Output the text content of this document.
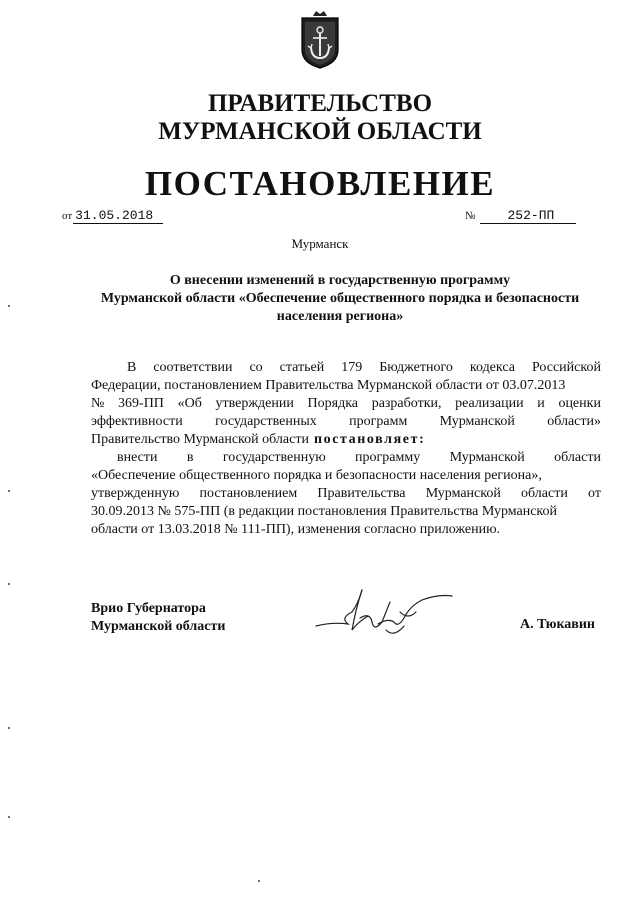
ПРАВИТЕЛЬСТВО
МУРМАНСКОЙ ОБЛАСТИ
ПОСТАНОВЛЕНИЕ
от 31.05.2018	№ 252-ПП
Мурманск
О внесении изменений в государственную программу
Мурманской области «Обеспечение общественного порядка и безопасности
населения региона»
В соответствии со статьей 179 Бюджетного кодекса Российской
Федерации, постановлением Правительства Мурманской области от 03.07.2013
№ 369-ПП «Об утверждении Порядка разработки, реализации и оценки
эффективности государственных программ Мурманской области»
Правительство Мурманской области постановляет:
внести в государственную программу Мурманской области
«Обеспечение общественного порядка и безопасности населения региона»,
утвержденную постановлением Правительства Мурманской области от
30.09.2013 № 575-ПП (в редакции постановления Правительства Мурманской
области от 13.03.2018 № 111-ПП), изменения согласно приложению.
Врио Губернатора
Мурманской области	А. Тюкавин
